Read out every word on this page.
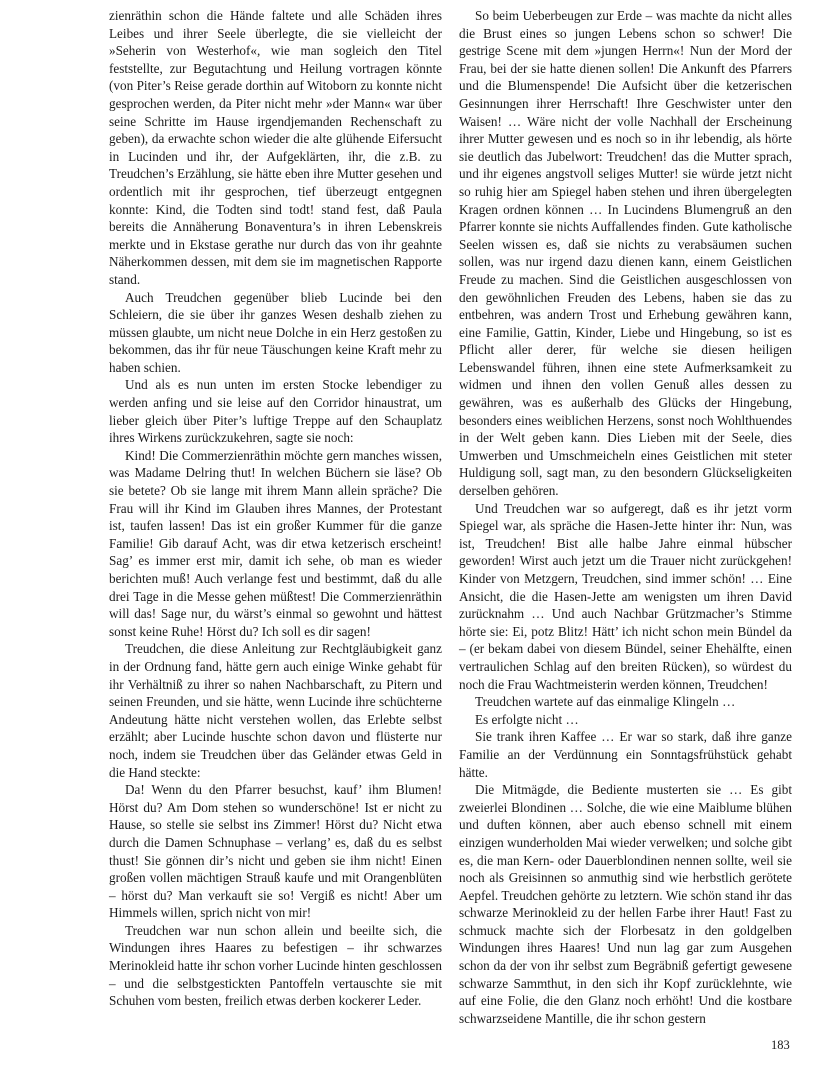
zienräthin schon die Hände faltete und alle Schäden ihres Leibes und ihrer Seele überlegte, die sie vielleicht der »Seherin von Westerhof«, wie man sogleich den Titel feststellte, zur Begutachtung und Heilung vortragen könnte (von Piter’s Reise gerade dorthin auf Witoborn zu konnte nicht gesprochen werden, da Piter nicht mehr »der Mann« war über seine Schritte im Hause irgendjemanden Rechenschaft zu geben), da erwachte schon wieder die alte glühende Eifersucht in Lucinden und ihr, der Aufgeklärten, ihr, die z.B. zu Treudchen’s Erzählung, sie hätte eben ihre Mutter gesehen und ordentlich mit ihr gesprochen, tief überzeugt entgegnen konnte: Kind, die Todten sind todt! stand fest, daß Paula bereits die Annäherung Bonaventura’s in ihren Lebenskreis merkte und in Ekstase gerathe nur durch das von ihr geahnte Näherkommen dessen, mit dem sie im magnetischen Rapporte stand.

Auch Treudchen gegenüber blieb Lucinde bei den Schleiern, die sie über ihr ganzes Wesen deshalb ziehen zu müssen glaubte, um nicht neue Dolche in ein Herz gestoßen zu bekommen, das ihr für neue Täuschungen keine Kraft mehr zu haben schien.

Und als es nun unten im ersten Stocke lebendiger zu werden anfing und sie leise auf den Corridor hinaustrat, um lieber gleich über Piter’s luftige Treppe auf den Schauplatz ihres Wirkens zurückzukehren, sagte sie noch:

Kind! Die Commerzienräthin möchte gern manches wissen, was Madame Delring thut! In welchen Büchern sie läse? Ob sie betete? Ob sie lange mit ihrem Mann allein spräche? Die Frau will ihr Kind im Glauben ihres Mannes, der Protestant ist, taufen lassen! Das ist ein großer Kummer für die ganze Familie! Gib darauf Acht, was dir etwa ketzerisch erscheint! Sag’ es immer erst mir, damit ich sehe, ob man es wieder berichten muß! Auch verlange fest und bestimmt, daß du alle drei Tage in die Messe gehen müßtest! Die Commerzienräthin will das! Sage nur, du wärst’s einmal so gewohnt und hättest sonst keine Ruhe! Hörst du? Ich soll es dir sagen!

Treudchen, die diese Anleitung zur Rechtgläubigkeit ganz in der Ordnung fand, hätte gern auch einige Winke gehabt für ihr Verhältniß zu ihrer so nahen Nachbarschaft, zu Pitern und seinen Freunden, und sie hätte, wenn Lucinde ihre schüchterne Andeutung hätte nicht verstehen wollen, das Erlebte selbst erzählt; aber Lucinde huschte schon davon und flüsterte nur noch, indem sie Treudchen über das Geländer etwas Geld in die Hand steckte:

Da! Wenn du den Pfarrer besuchst, kauf’ ihm Blumen! Hörst du? Am Dom stehen so wunderschöne! Ist er nicht zu Hause, so stelle sie selbst ins Zimmer! Hörst du? Nicht etwa durch die Damen Schnuphase – verlang’ es, daß du es selbst thust! Sie gönnen dir’s nicht und geben sie ihm nicht! Einen großen vollen mächtigen Strauß kaufe und mit Orangenblüten – hörst du? Man verkauft sie so! Vergiß es nicht! Aber um Himmels willen, sprich nicht von mir!

Treudchen war nun schon allein und beeilte sich, die Windungen ihres Haares zu befestigen – ihr schwarzes Merinokleid hatte ihr schon vorher Lucinde hinten geschlossen – und die selbstgestickten Pantoffeln vertauschte sie mit Schuhen vom besten, freilich etwas derben kockerer Leder.

So beim Ueberbeugen zur Erde – was machte da nicht alles die Brust eines so jungen Lebens schon so schwer! Die gestrige Scene mit dem »jungen Herrn«! Nun der Mord der Frau, bei der sie hatte dienen sollen! Die Ankunft des Pfarrers und die Blumenspende! Die Aufsicht über die ketzerischen Gesinnungen ihrer Herrschaft! Ihre Geschwister unter den Waisen! … Wäre nicht der volle Nachhall der Erscheinung ihrer Mutter gewesen und es noch so in ihr lebendig, als hörte sie deutlich das Jubelwort: Treudchen! das die Mutter sprach, und ihr eigenes angstvoll seliges Mutter! sie würde jetzt nicht so ruhig hier am Spiegel haben stehen und ihren übergelegten Kragen ordnen können … In Lucindens Blumengruß an den Pfarrer konnte sie nichts Auffallendes finden. Gute katholische Seelen wissen es, daß sie nichts zu verabsäumen suchen sollen, was nur irgend dazu dienen kann, einem Geistlichen Freude zu machen. Sind die Geistlichen ausgeschlossen von den gewöhnlichen Freuden des Lebens, haben sie das zu entbehren, was andern Trost und Erhebung gewähren kann, eine Familie, Gattin, Kinder, Liebe und Hingebung, so ist es Pflicht aller derer, für welche sie diesen heiligen Lebenswandel führen, ihnen eine stete Aufmerksamkeit zu widmen und ihnen den vollen Genuß alles dessen zu gewähren, was es außerhalb des Glücks der Hingebung, besonders eines weiblichen Herzens, sonst noch Wohlthuendes in der Welt geben kann. Dies Lieben mit der Seele, dies Umwerben und Umschmeicheln eines Geistlichen mit steter Huldigung soll, sagt man, zu den besondern Glückseligkeiten derselben gehören.

Und Treudchen war so aufgeregt, daß es ihr jetzt vorm Spiegel war, als spräche die Hasen-Jette hinter ihr: Nun, was ist, Treudchen! Bist alle halbe Jahre einmal hübscher geworden! Wirst auch jetzt um die Trauer nicht zurückgehen! Kinder von Metzgern, Treudchen, sind immer schön! … Eine Ansicht, die die Hasen-Jette am wenigsten um ihren David zurücknahm … Und auch Nachbar Grützmacher’s Stimme hörte sie: Ei, potz Blitz! Hätt’ ich nicht schon mein Bündel da – (er bekam dabei von diesem Bündel, seiner Ehehälfte, einen vertraulichen Schlag auf den breiten Rücken), so würdest du noch die Frau Wachtmeisterin werden können, Treudchen!

Treudchen wartete auf das einmalige Klingeln …

Es erfolgte nicht …

Sie trank ihren Kaffee … Er war so stark, daß ihre ganze Familie an der Verdünnung ein Sonntagsfrühstück gehabt hätte.

Die Mitmägde, die Bediente musterten sie … Es gibt zweierlei Blondinen … Solche, die wie eine Maiblume blühen und duften können, aber auch ebenso schnell mit einem einzigen wunderholden Mai wieder verwelken; und solche gibt es, die man Kern- oder Dauerblondinen nennen sollte, weil sie noch als Greisinnen so anmuthig sind wie herbstlich gerötete Aepfel. Treudchen gehörte zu letztern. Wie schön stand ihr das schwarze Merinokleid zu der hellen Farbe ihrer Haut! Fast zu schmuck machte sich der Florbesatz in den goldgelben Windungen ihres Haares! Und nun lag gar zum Ausgehen schon da der von ihr selbst zum Begräbniß gefertigt gewesene schwarze Sammthut, in den sich ihr Kopf zurücklehnte, wie auf eine Folie, die den Glanz noch erhöht! Und die kostbare schwarzseidene Mantille, die ihr schon gestern

183
